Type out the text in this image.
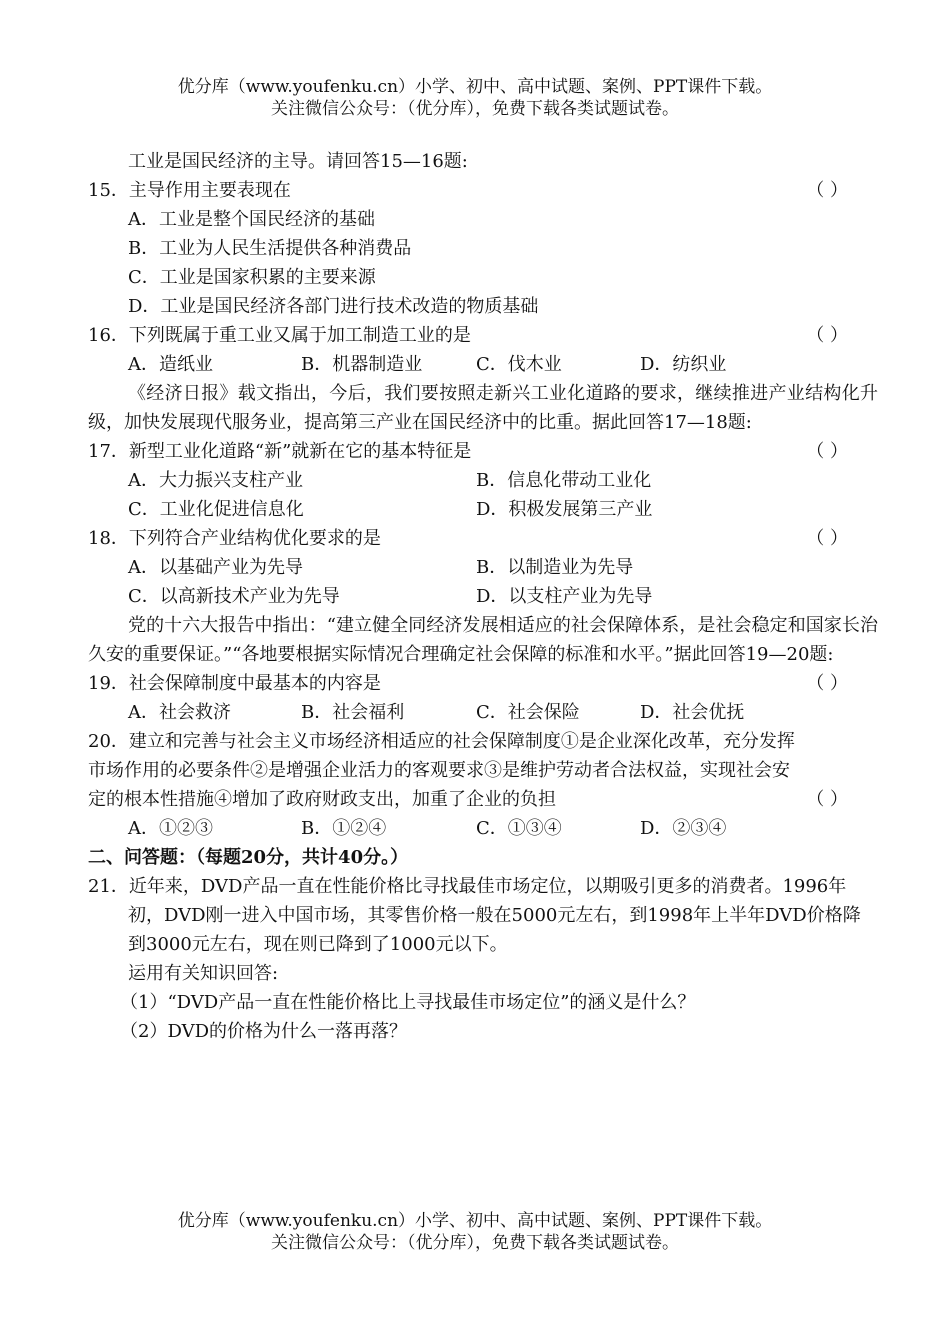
优分库（www.youfenku.cn）小学、初中、高中试题、案例、PPT课件下载。
关注微信公众号：（优分库），免费下载各类试题试卷。
工业是国民经济的主导。请回答15—16题:
15．主导作用主要表现在	（ ）
A．工业是整个国民经济的基础
B．工业为人民生活提供各种消费品
C．工业是国家积累的主要来源
D．工业是国民经济各部门进行技术改造的物质基础
16．下列既属于重工业又属于加工制造工业的是	（ ）
A．造纸业	B．机器制造业	C．伐木业	D．纺织业
《经济日报》载文指出，今后，我们要按照走新兴工业化道路的要求，继续推进产业结构化升级，加快发展现代服务业，提高第三产业在国民经济中的比重。据此回答17—18题:
17．新型工业化道路“新”就新在它的基本特征是	（ ）
A．大力振兴支柱产业	B．信息化带动工业化
C．工业化促进信息化	D．积极发展第三产业
18．下列符合产业结构优化要求的是	（ ）
A．以基础产业为先导	B．以制造业为先导
C．以高新技术产业为先导	D．以支柱产业为先导
党的十六大报告中指出：“建立健全同经济发展相适应的社会保障体系，是社会稳定和国家长治久安的重要保证。”“各地要根据实际情况合理确定社会保障的标准和水平。”据此回答19—20题:
19．社会保障制度中最基本的内容是	（ ）
A．社会救济	B．社会福利	C．社会保险	D．社会优抚
20．建立和完善与社会主义市场经济相适应的社会保障制度①是企业深化改革，充分发挥
市场作用的必要条件②是增强企业活力的客观要求③是维护劳动者合法权益，实现社会安
定的根本性措施④增加了政府财政支出，加重了企业的负担	（ ）
A．①②③	B．①②④	C．①③④	D．②③④
二、问答题：（每题20分，共计40分。）
21．近年来，DVD产品一直在性能价格比寻找最佳市场定位，以期吸引更多的消费者。1996年初，DVD刚一进入中国市场，其零售价格一般在5000元左右，到1998年上半年DVD价格降到3000元左右，现在则已降到了1000元以下。
运用有关知识回答:
（1）“DVD产品一直在性能价格比上寻找最佳市场定位”的涵义是什么？
（2）DVD的价格为什么一落再落？
优分库（www.youfenku.cn）小学、初中、高中试题、案例、PPT课件下载。
关注微信公众号：（优分库），免费下载各类试题试卷。
